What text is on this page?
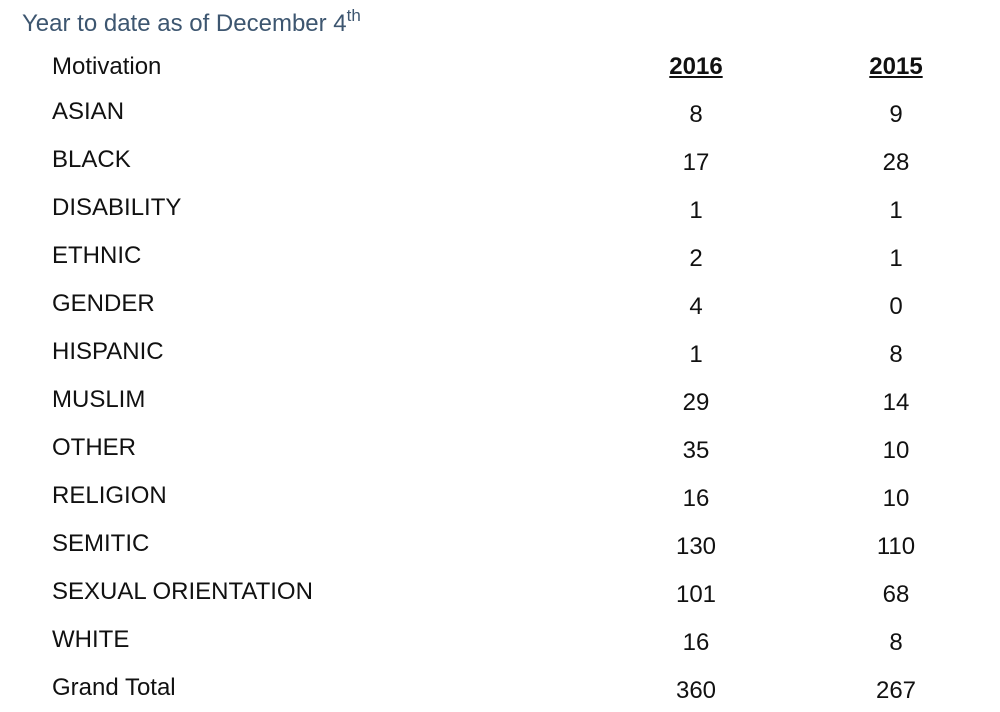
Year to date as of December 4th
Motivation	2016	2015
ASIAN	8	9
BLACK	17	28
DISABILITY	1	1
ETHNIC	2	1
GENDER	4	0
HISPANIC	1	8
MUSLIM	29	14
OTHER	35	10
RELIGION	16	10
SEMITIC	130	110
SEXUAL ORIENTATION	101	68
WHITE	16	8
Grand Total	360	267
